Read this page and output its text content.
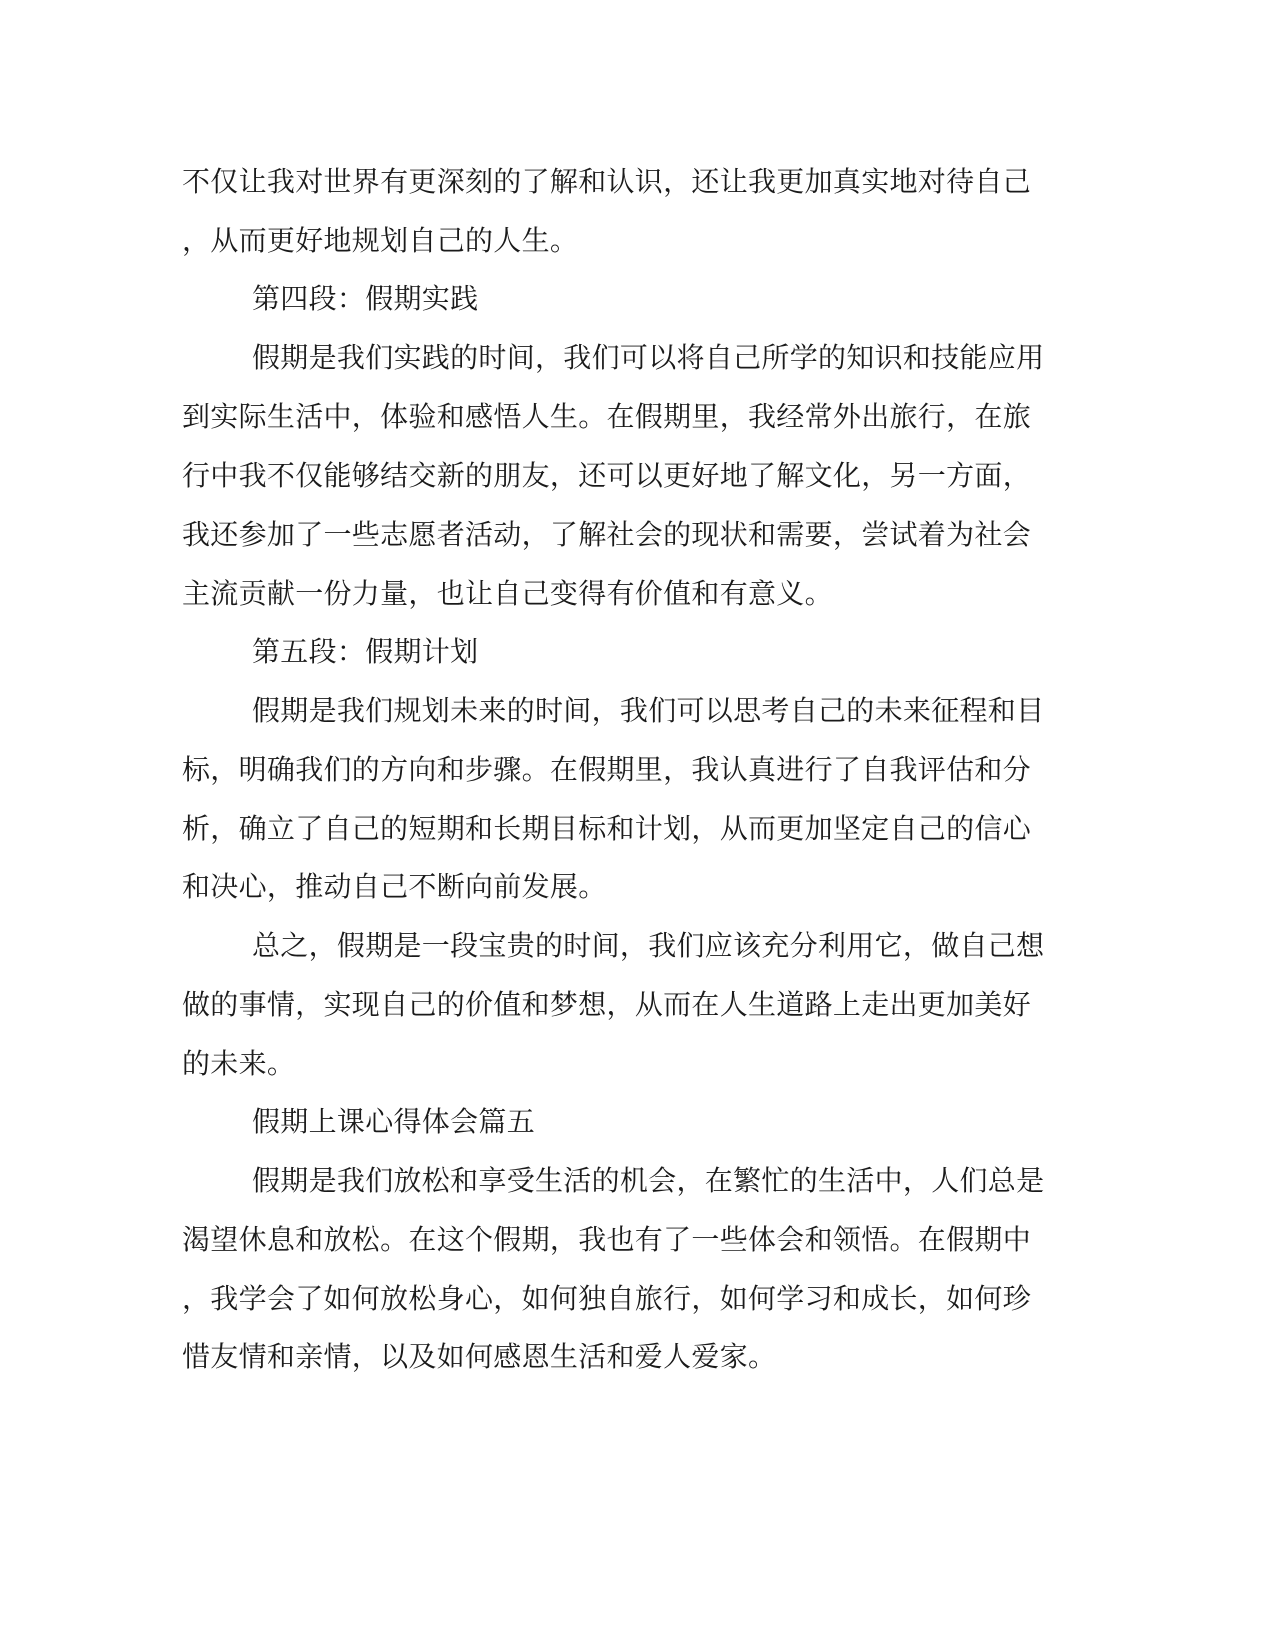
不仅让我对世界有更深刻的了解和认识，还让我更加真实地对待自己
，从而更好地规划自己的人生。
第四段：假期实践
假期是我们实践的时间，我们可以将自己所学的知识和技能应用
到实际生活中，体验和感悟人生。在假期里，我经常外出旅行，在旅
行中我不仅能够结交新的朋友，还可以更好地了解文化，另一方面，
我还参加了一些志愿者活动，了解社会的现状和需要，尝试着为社会
主流贡献一份力量，也让自己变得有价值和有意义。
第五段：假期计划
假期是我们规划未来的时间，我们可以思考自己的未来征程和目
标，明确我们的方向和步骤。在假期里，我认真进行了自我评估和分
析，确立了自己的短期和长期目标和计划，从而更加坚定自己的信心
和决心，推动自己不断向前发展。
总之，假期是一段宝贵的时间，我们应该充分利用它，做自己想
做的事情，实现自己的价值和梦想，从而在人生道路上走出更加美好
的未来。
假期上课心得体会篇五
假期是我们放松和享受生活的机会，在繁忙的生活中，人们总是
渴望休息和放松。在这个假期，我也有了一些体会和领悟。在假期中
，我学会了如何放松身心，如何独自旅行，如何学习和成长，如何珍
惜友情和亲情，以及如何感恩生活和爱人爱家。
